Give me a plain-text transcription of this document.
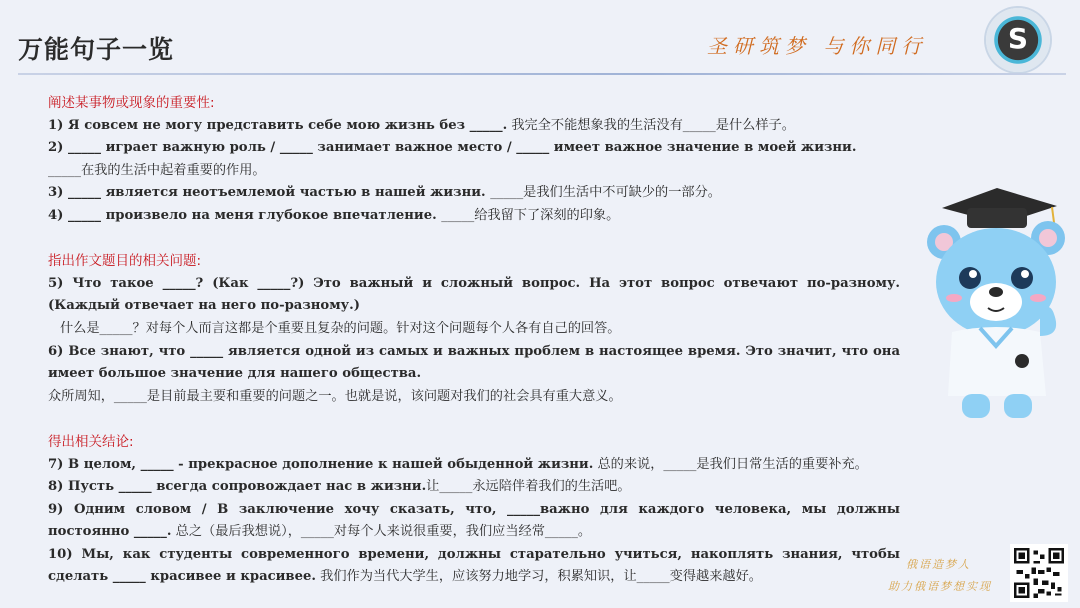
万能句子一览	圣研筑梦 与你同行	S
阐述某事物或现象的重要性:
1) Я совсем не могу представить себе мою жизнь без _____. 我完全不能想象我的生活没有_____是什么样子。
2) _____ играет важную роль / _____ занимает важное место / _____ имеет важное значение в моей жизни.
_____在我的生活中起着重要的作用。
3) _____ является неотъемлемой частью в нашей жизни. _____是我们生活中不可缺少的一部分。
4) _____ произвело на меня глубокое впечатление. _____给我留下了深刻的印象。
指出作文题目的相关问题:
5) Что такое _____? (Как _____?) Это важный и сложный вопрос. На этот вопрос отвечают по-разному.(Каждый отвечает на него по-разному.)
什么是_____？对每个人而言这都是个重要且复杂的问题。针对这个问题每个人各有自己的回答。
6) Все знают, что _____ является одной из самых и важных проблем в настоящее время. Это значит, что она имеет большое значение для нашего общества.
众所周知，_____是目前最主要和重要的问题之一。也就是说，该问题对我们的社会具有重大意义。
得出相关结论:
7) В целом, _____ - прекрасное дополнение к нашей обыденной жизни. 总的来说，_____是我们日常生活的重要补充。
8) Пусть _____ всегда сопровождает нас в жизни.让_____永远陪伴着我们的生活吧。
9) Одним словом / В заключение хочу сказать, что, _____важно для каждого человека, мы должны постоянно _____. 总之（最后我想说），_____对每个人来说很重要，我们应当经常_____。
10) Мы, как студенты современного времени, должны старательно учиться, накоплять знания, чтобы сделать _____ красивее и красивее. 我们作为当代大学生，应该努力地学习，积累知识，让_____变得越来越好。
俄语造梦人
助力俄语梦想实现
